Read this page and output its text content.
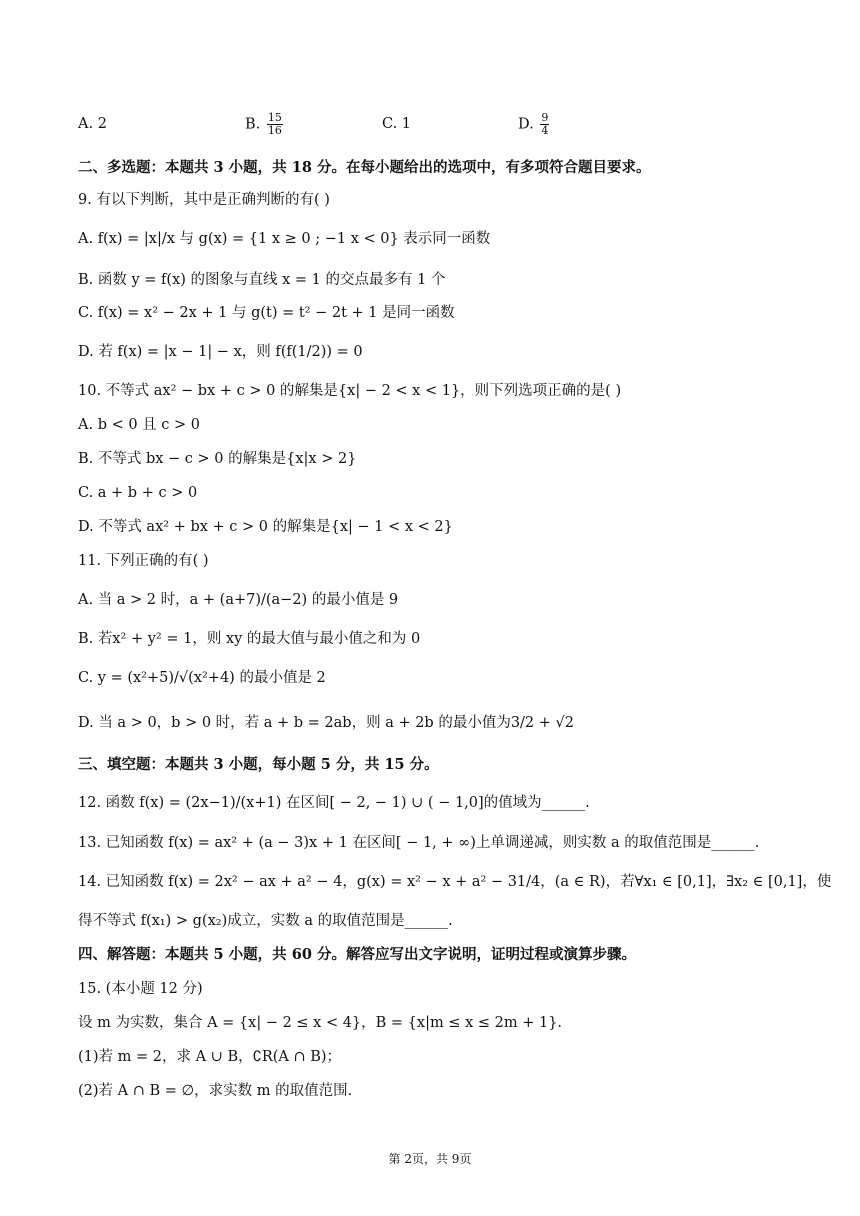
A. 2	B. $\frac{15}{16}$	C. 1	D. $\frac{9}{4}$
二、多选题：本题共 3 小题，共 18 分。在每小题给出的选项中，有多项符合题目要求。
9. 有以下判断，其中是正确判断的有( )
A. f(x) = |x|/x 与 g(x) = {1 x ≥ 0 ; −1 x < 0} 表示同一函数
B. 函数 y = f(x) 的图象与直线 x = 1 的交点最多有 1 个
C. f(x) = x² − 2x + 1 与 g(t) = t² − 2t + 1 是同一函数
D. 若 f(x) = |x − 1| − x，则 f(f(1/2)) = 0
10. 不等式 ax² − bx + c > 0 的解集是{x| − 2 < x < 1}，则下列选项正确的是( )
A. b < 0 且 c > 0
B. 不等式 bx − c > 0 的解集是{x|x > 2}
C. a + b + c > 0
D. 不等式 ax² + bx + c > 0 的解集是{x| − 1 < x < 2}
11. 下列正确的有( )
A. 当 a > 2 时，a + (a+7)/(a−2) 的最小值是 9
B. 若x² + y² = 1，则 xy 的最大值与最小值之和为 0
C. y = (x²+5)/√(x²+4) 的最小值是 2
D. 当 a > 0，b > 0 时，若 a + b = 2ab，则 a + 2b 的最小值为3/2 + √2
三、填空题：本题共 3 小题，每小题 5 分，共 15 分。
12. 函数 f(x) = (2x−1)/(x+1) 在区间[ − 2, − 1) ∪ ( − 1,0]的值域为______.
13. 已知函数 f(x) = ax² + (a − 3)x + 1 在区间[ − 1, + ∞)上单调递减，则实数 a 的取值范围是______.
14. 已知函数 f(x) = 2x² − ax + a² − 4，g(x) = x² − x + a² − 31/4，(a ∈ R)，若∀x₁ ∈ [0,1]，∃x₂ ∈ [0,1]，使
得不等式 f(x₁) > g(x₂)成立，实数 a 的取值范围是______.
四、解答题：本题共 5 小题，共 60 分。解答应写出文字说明，证明过程或演算步骤。
15. (本小题 12 分)
设 m 为实数，集合 A = {x| − 2 ≤ x < 4}，B = {x|m ≤ x ≤ 2m + 1}.
(1)若 m = 2，求 A ∪ B，∁R(A ∩ B)；
(2)若 A ∩ B = ∅，求实数 m 的取值范围.
第 2页，共 9页
